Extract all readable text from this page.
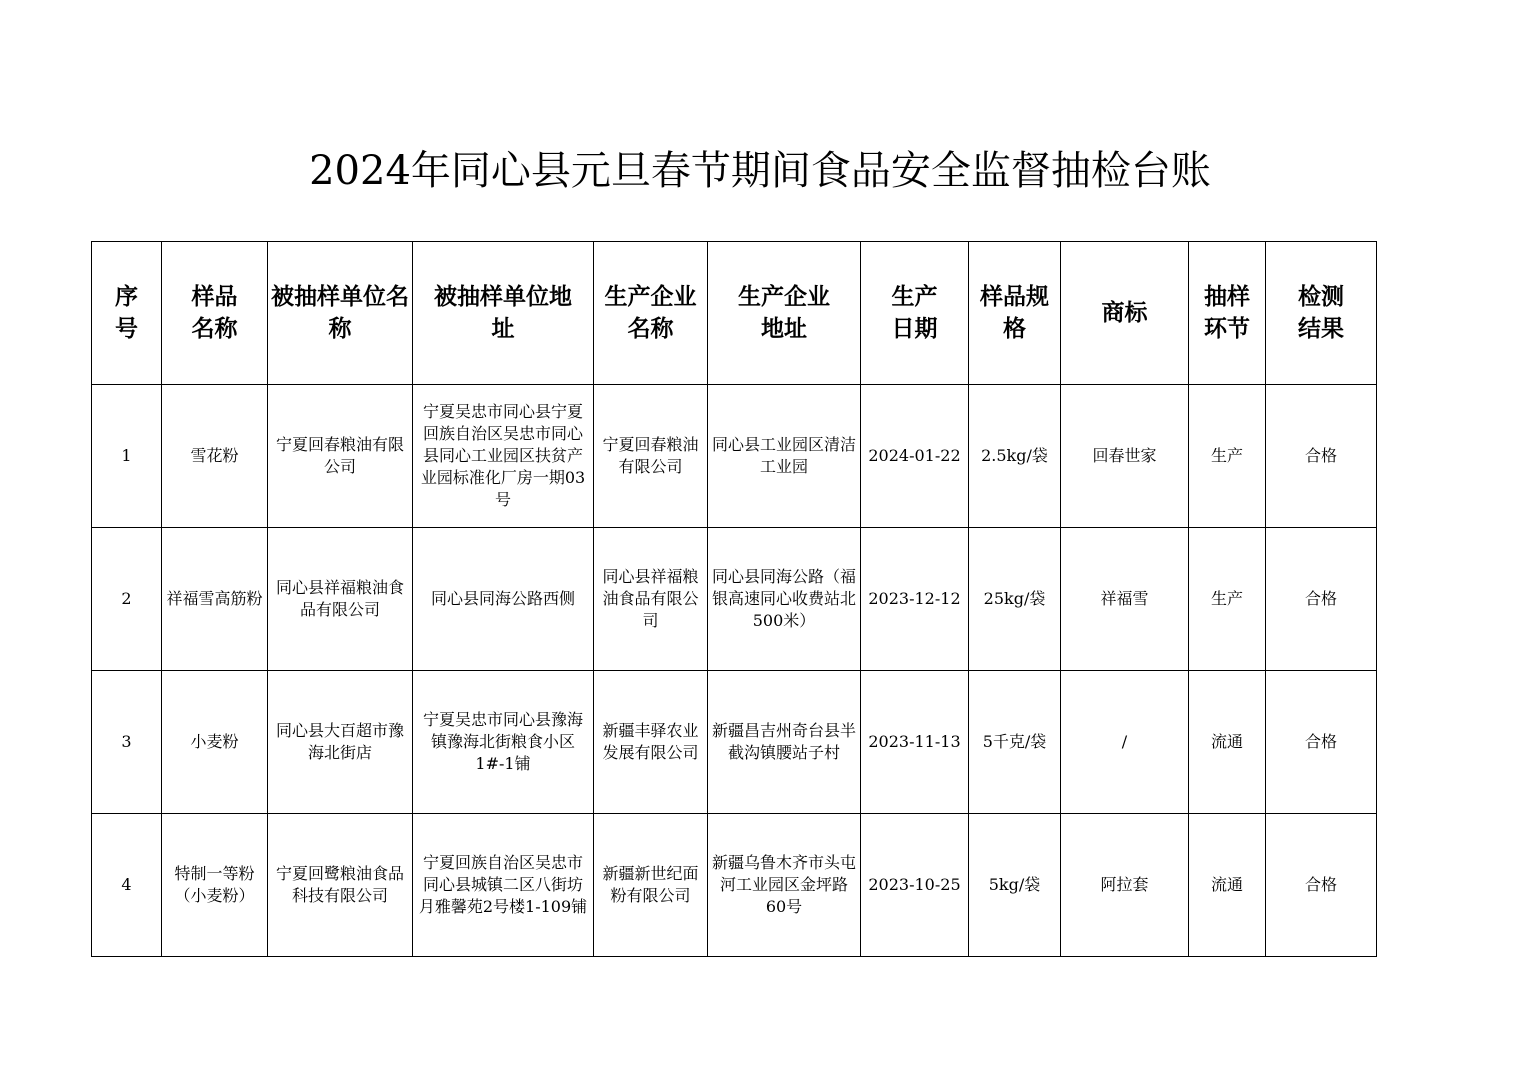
2024年同心县元旦春节期间食品安全监督抽检台账
序号	样品名称	被抽样单位名称	被抽样单位地址	生产企业名称	生产企业地址	生产日期	样品规格	商标	抽样环节	检测结果

1	雪花粉	宁夏回春粮油有限公司	宁夏吴忠市同心县宁夏回族自治区吴忠市同心县同心工业园区扶贫产业园标准化厂房一期03号	宁夏回春粮油有限公司	同心县工业园区清洁工业园	2024-01-22	2.5kg/袋	回春世家	生产	合格
2	祥福雪高筋粉	同心县祥福粮油食品有限公司	同心县同海公路西侧	同心县祥福粮油食品有限公司	同心县同海公路（福银高速同心收费站北500米）	2023-12-12	25kg/袋	祥福雪	生产	合格
3	小麦粉	同心县大百超市豫海北街店	宁夏吴忠市同心县豫海镇豫海北街粮食小区1#-1铺	新疆丰驿农业发展有限公司	新疆昌吉州奇台县半截沟镇腰站子村	2023-11-13	5千克/袋	/	流通	合格
4	特制一等粉（小麦粉）	宁夏回鹭粮油食品科技有限公司	宁夏回族自治区吴忠市同心县城镇二区八街坊月雅馨苑2号楼1-109铺	新疆新世纪面粉有限公司	新疆乌鲁木齐市头屯河工业园区金坪路60号	2023-10-25	5kg/袋	阿拉套	流通	合格
